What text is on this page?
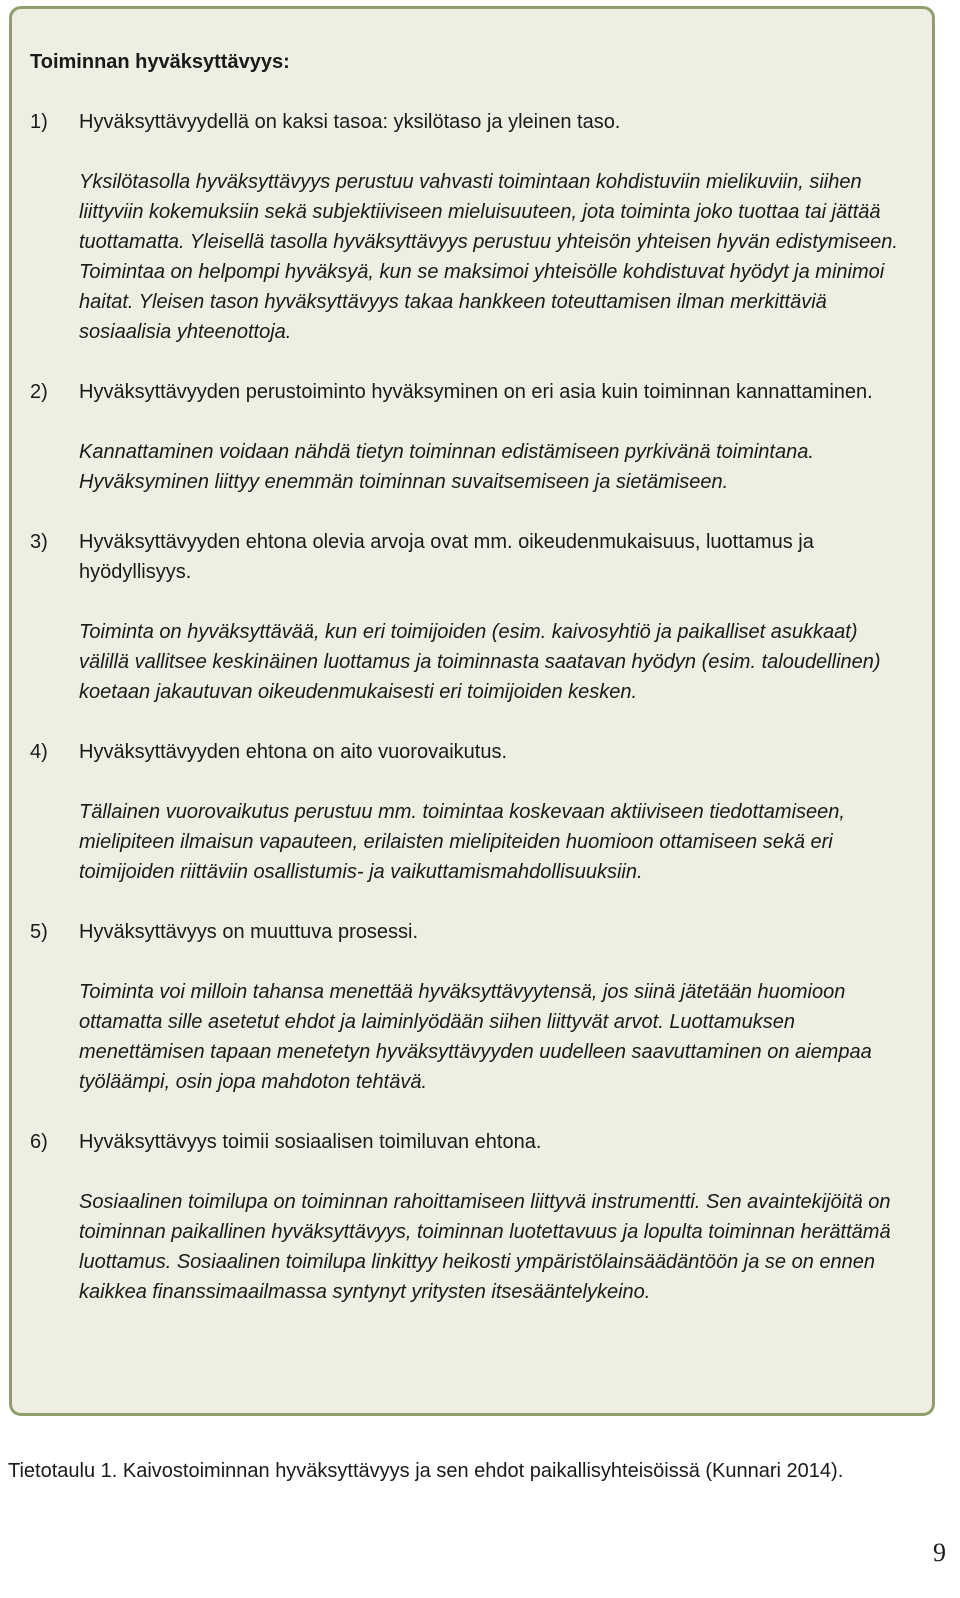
Toiminnan hyväksyttävyys:
1)	Hyväksyttävyydellä on kaksi tasoa: yksilötaso ja yleinen taso.
Yksilötasolla hyväksyttävyys perustuu vahvasti toimintaan kohdistuviin mielikuviin, siihen liittyviin kokemuksiin sekä subjektiiviseen mieluisuuteen, jota toiminta joko tuottaa tai jättää tuottamatta. Yleisellä tasolla hyväksyttävyys perustuu yhteisön yhteisen hyvän edistymiseen. Toimintaa on helpompi hyväksyä, kun se maksimoi yhteisölle kohdistuvat hyödyt ja minimoi haitat. Yleisen tason hyväksyttävyys takaa hankkeen toteuttamisen ilman merkittäviä sosiaalisia yhteenottoja.
2)	Hyväksyttävyyden perustoiminto hyväksyminen on eri asia kuin toiminnan kannattaminen.
Kannattaminen voidaan nähdä tietyn toiminnan edistämiseen pyrkivänä toimintana. Hyväksyminen liittyy enemmän toiminnan suvaitsemiseen ja sietämiseen.
3)	Hyväksyttävyyden ehtona olevia arvoja ovat mm. oikeudenmukaisuus, luottamus ja hyödyllisyys.
Toiminta on hyväksyttävää, kun eri toimijoiden (esim. kaivosyhtiö ja paikalliset asukkaat) välillä vallitsee keskinäinen luottamus ja toiminnasta saatavan hyödyn (esim. taloudellinen) koetaan jakautuvan oikeudenmukaisesti eri toimijoiden kesken.
4)	Hyväksyttävyyden ehtona on aito vuorovaikutus.
Tällainen vuorovaikutus perustuu mm. toimintaa koskevaan aktiiviseen tiedottamiseen, mielipiteen ilmaisun vapauteen, erilaisten mielipiteiden huomioon ottamiseen sekä eri toimijoiden riittäviin osallistumis- ja vaikuttamismahdollisuuksiin.
5)	Hyväksyttävyys on muuttuva prosessi.
Toiminta voi milloin tahansa menettää hyväksyttävyytensä, jos siinä jätetään huomioon ottamatta sille asetetut ehdot ja laiminlyödään siihen liittyvät arvot. Luottamuksen menettämisen tapaan menetetyn hyväksyttävyyden uudelleen saavuttaminen on aiempaa työläämpi, osin jopa mahdoton tehtävä.
6)	Hyväksyttävyys toimii sosiaalisen toimiluvan ehtona.
Sosiaalinen toimilupa on toiminnan rahoittamiseen liittyvä instrumentti. Sen avaintekijöitä on toiminnan paikallinen hyväksyttävyys, toiminnan luotettavuus ja lopulta toiminnan herättämä luottamus. Sosiaalinen toimilupa linkittyy heikosti ympäristölainsäädäntöön ja se on ennen kaikkea finanssimaailmassa syntynyt yritysten itsesääntelykeino.
Tietotaulu 1. Kaivostoiminnan hyväksyttävyys ja sen ehdot paikallisyhteisöissä (Kunnari 2014).
9
